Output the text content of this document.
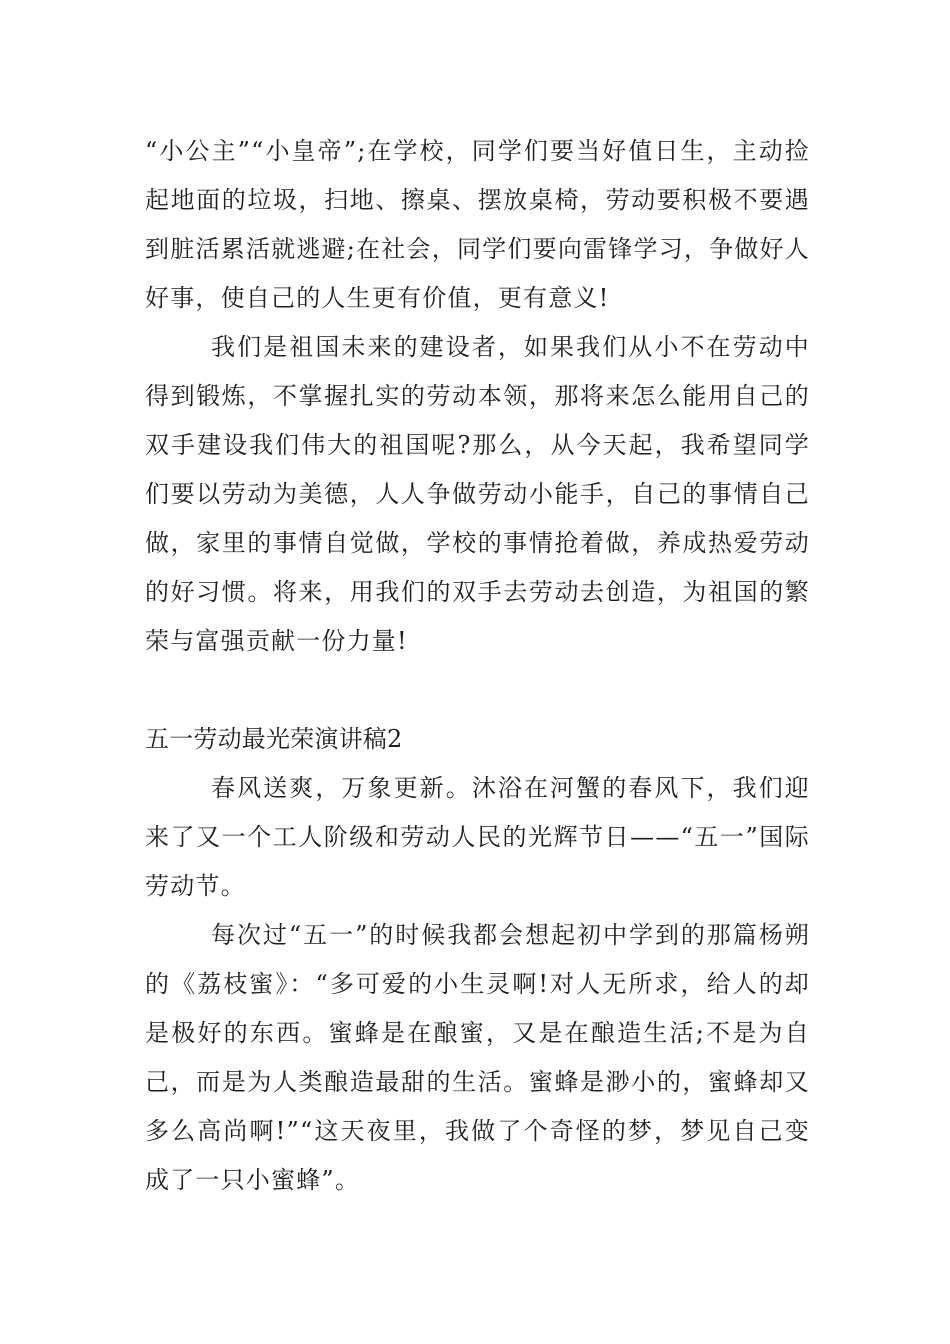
“小公主”“小皇帝”;在学校，同学们要当好值日生，主动捡起地面的垃圾，扫地、擦桌、摆放桌椅，劳动要积极不要遇到脏活累活就逃避;在社会，同学们要向雷锋学习，争做好人好事，使自己的人生更有价值，更有意义!

我们是祖国未来的建设者，如果我们从小不在劳动中得到锻炼，不掌握扎实的劳动本领，那将来怎么能用自己的双手建设我们伟大的祖国呢?那么，从今天起，我希望同学们要以劳动为美德，人人争做劳动小能手，自己的事情自己做，家里的事情自觉做，学校的事情抢着做，养成热爱劳动的好习惯。将来，用我们的双手去劳动去创造，为祖国的繁荣与富强贡献一份力量!

五一劳动最光荣演讲稿2

春风送爽，万象更新。沐浴在河蟹的春风下，我们迎来了又一个工人阶级和劳动人民的光辉节日——“五一”国际劳动节。

每次过“五一”的时候我都会想起初中学到的那篇杨朔的《荔枝蜜》：“多可爱的小生灵啊!对人无所求，给人的却是极好的东西。蜜蜂是在酿蜜，又是在酿造生活;不是为自己，而是为人类酿造最甜的生活。蜜蜂是渺小的，蜜蜂却又多么高尚啊!”“这天夜里，我做了个奇怪的梦，梦见自己变成了一只小蜜蜂”。
